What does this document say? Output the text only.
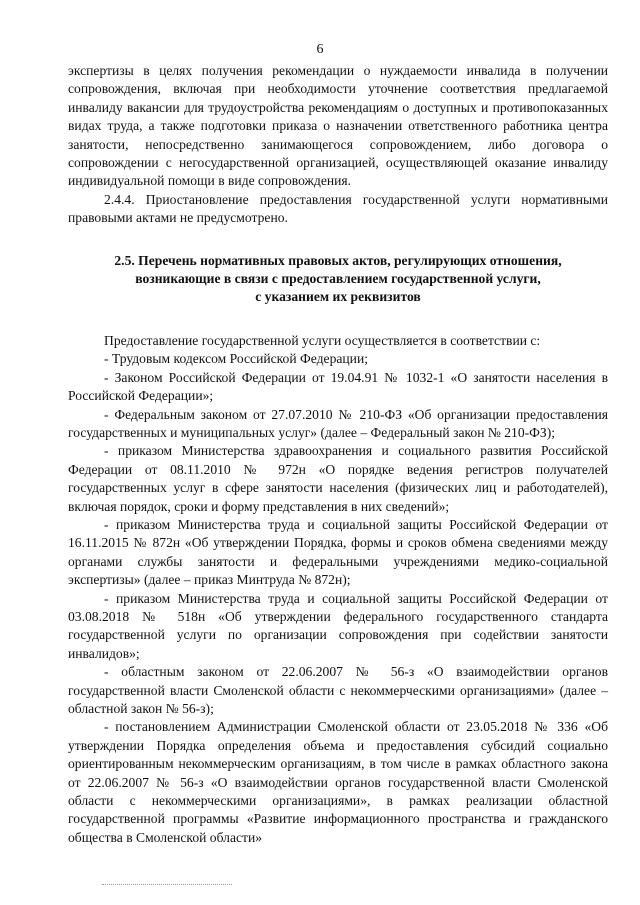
6

экспертизы в целях получения рекомендации о нуждаемости инвалида в получении сопровождения, включая при необходимости уточнение соответствия предлагаемой инвалиду вакансии для трудоустройства рекомендациям о доступных и противопоказанных видах труда, а также подготовки приказа о назначении ответственного работника центра занятости, непосредственно занимающегося сопровождением, либо договора о сопровождении с негосударственной организацией, осуществляющей оказание инвалиду индивидуальной помощи в виде сопровождения.

2.4.4. Приостановление предоставления государственной услуги нормативными правовыми актами не предусмотрено.

2.5. Перечень нормативных правовых актов, регулирующих отношения,
возникающие в связи с предоставлением государственной услуги,
с указанием их реквизитов

Предоставление государственной услуги осуществляется в соответствии с:

- Трудовым кодексом Российской Федерации;

- Законом Российской Федерации от 19.04.91 № 1032-1 «О занятости населения в Российской Федерации»;

- Федеральным законом от 27.07.2010 № 210-ФЗ «Об организации предоставления государственных и муниципальных услуг» (далее – Федеральный закон № 210-ФЗ);

- приказом Министерства здравоохранения и социального развития Российской Федерации от 08.11.2010 № 972н «О порядке ведения регистров получателей государственных услуг в сфере занятости населения (физических лиц и работодателей), включая порядок, сроки и форму представления в них сведений»;

- приказом Министерства труда и социальной защиты Российской Федерации от 16.11.2015 № 872н «Об утверждении Порядка, формы и сроков обмена сведениями между органами службы занятости и федеральными учреждениями медико-социальной экспертизы» (далее – приказ Минтруда № 872н);

- приказом Министерства труда и социальной защиты Российской Федерации от 03.08.2018 № 518н «Об утверждении федерального государственного стандарта государственной услуги по организации сопровождения при содействии занятости инвалидов»;

- областным законом от 22.06.2007 № 56-з «О взаимодействии органов государственной власти Смоленской области с некоммерческими организациями» (далее – областной закон № 56-з);

- постановлением Администрации Смоленской области от 23.05.2018 № 336 «Об утверждении Порядка определения объема и предоставления субсидий социально ориентированным некоммерческим организациям, в том числе в рамках областного закона от 22.06.2007 № 56-з «О взаимодействии органов государственной власти Смоленской области с некоммерческими организациями», в рамках реализации областной государственной программы «Развитие информационного пространства и гражданского общества в Смоленской области»
